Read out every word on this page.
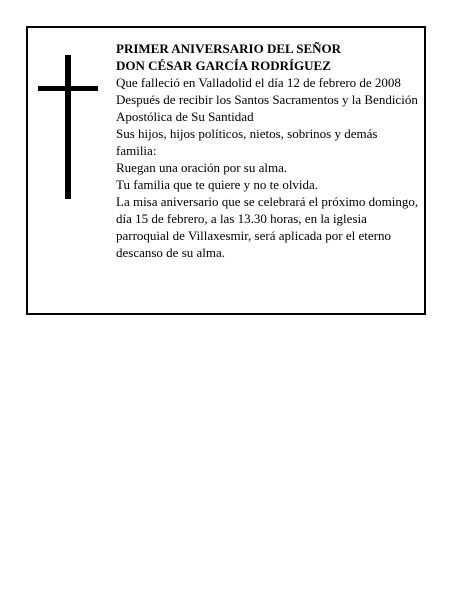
PRIMER ANIVERSARIO DEL SEÑOR
DON CÉSAR GARCÍA RODRÍGUEZ
Que falleció en Valladolid el día 12 de febrero de 2008
Después de recibir los Santos Sacramentos y la Bendición Apostólica de Su Santidad
Sus hijos, hijos políticos, nietos, sobrinos y demás familia:
Ruegan una oración por su alma.
Tu familia que te quiere y no te olvida.
La misa aniversario que se celebrará el próximo domingo, día 15 de febrero, a las 13.30 horas, en la iglesia parroquial de Villaxesmir, será aplicada por el eterno descanso de su alma.
